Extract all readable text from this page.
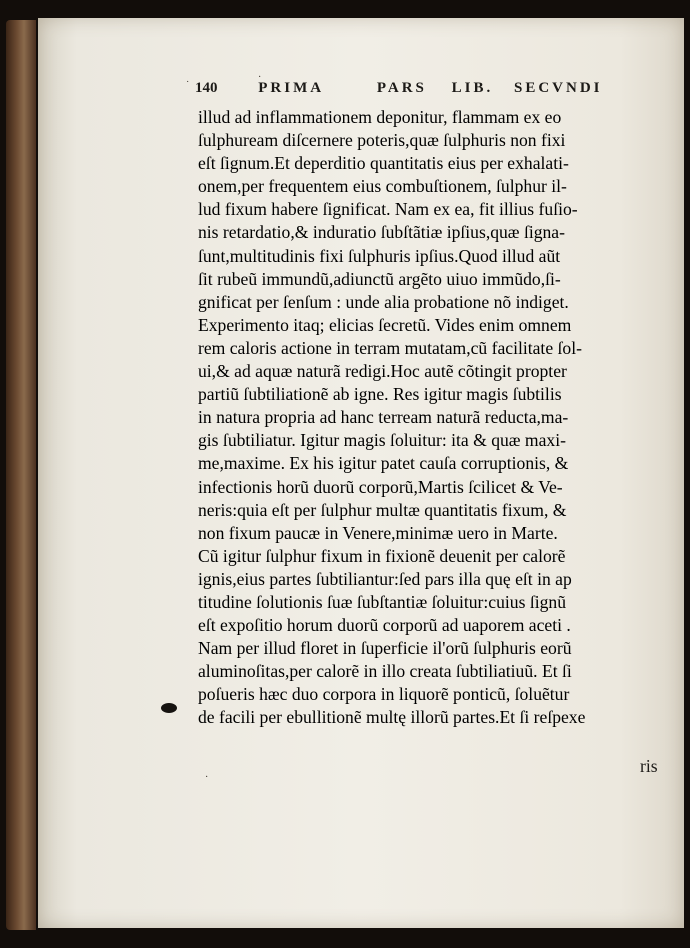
140	PRIMA	PARS LIB. SECVNDI
illud ad inflammationem deponitur, flammam ex eo
ſulphuream diſcernere poteris,quæ ſulphuris non fixi
eſt ſignum.Et deperditio quantitatis eius per exhalati-
onem,per frequentem eius combuſtionem, ſulphur il-
lud fixum habere ſignificat. Nam ex ea, fit illius fuſio-
nis retardatio,& induratio ſubſtãtiæ ipſius,quæ ſigna-
ſunt,multitudinis fixi ſulphuris ipſius.Quod illud aũt
ſit rubeũ immundũ,adiunctũ argẽto uiuo immũdo,ſi-
gnificat per ſenſum : unde alia probatione nõ indiget.
Experimento itaq; elicias ſecretũ. Vides enim omnem
rem caloris actione in terram mutatam,cũ facilitate ſol-
ui,& ad aquæ naturã redigi.Hoc autẽ cõtingit propter
partiũ ſubtiliationẽ ab igne. Res igitur magis ſubtilis
in natura propria ad hanc terream naturã reducta,ma-
gis ſubtiliatur. Igitur magis ſoluitur: ita & quæ maxi-
me,maxime. Ex his igitur patet cauſa corruptionis, &
infectionis horũ duorũ corporũ,Martis ſcilicet & Ve-
neris:quia eſt per ſulphur multæ quantitatis fixum, &
non fixum paucæ in Venere,minimæ uero in Marte.
Cũ igitur ſulphur fixum in fixionẽ deuenit per calorẽ
ignis,eius partes ſubtiliantur:ſed pars illa quę eſt in ap
titudine ſolutionis ſuæ ſubſtantiæ ſoluitur:cuius ſignũ
eſt expoſitio horum duorũ corporũ ad uaporem aceti .
Nam per illud floret in ſuperficie il'orũ ſulphuris eorũ
aluminoſitas,per calorẽ in illo creata ſubtiliatiuũ. Et ſi
poſueris hæc duo corpora in liquorẽ ponticũ, ſoluẽtur
de facili per ebullitionẽ multę illorũ partes.Et ſi reſpexe
ris
˙
·
·
